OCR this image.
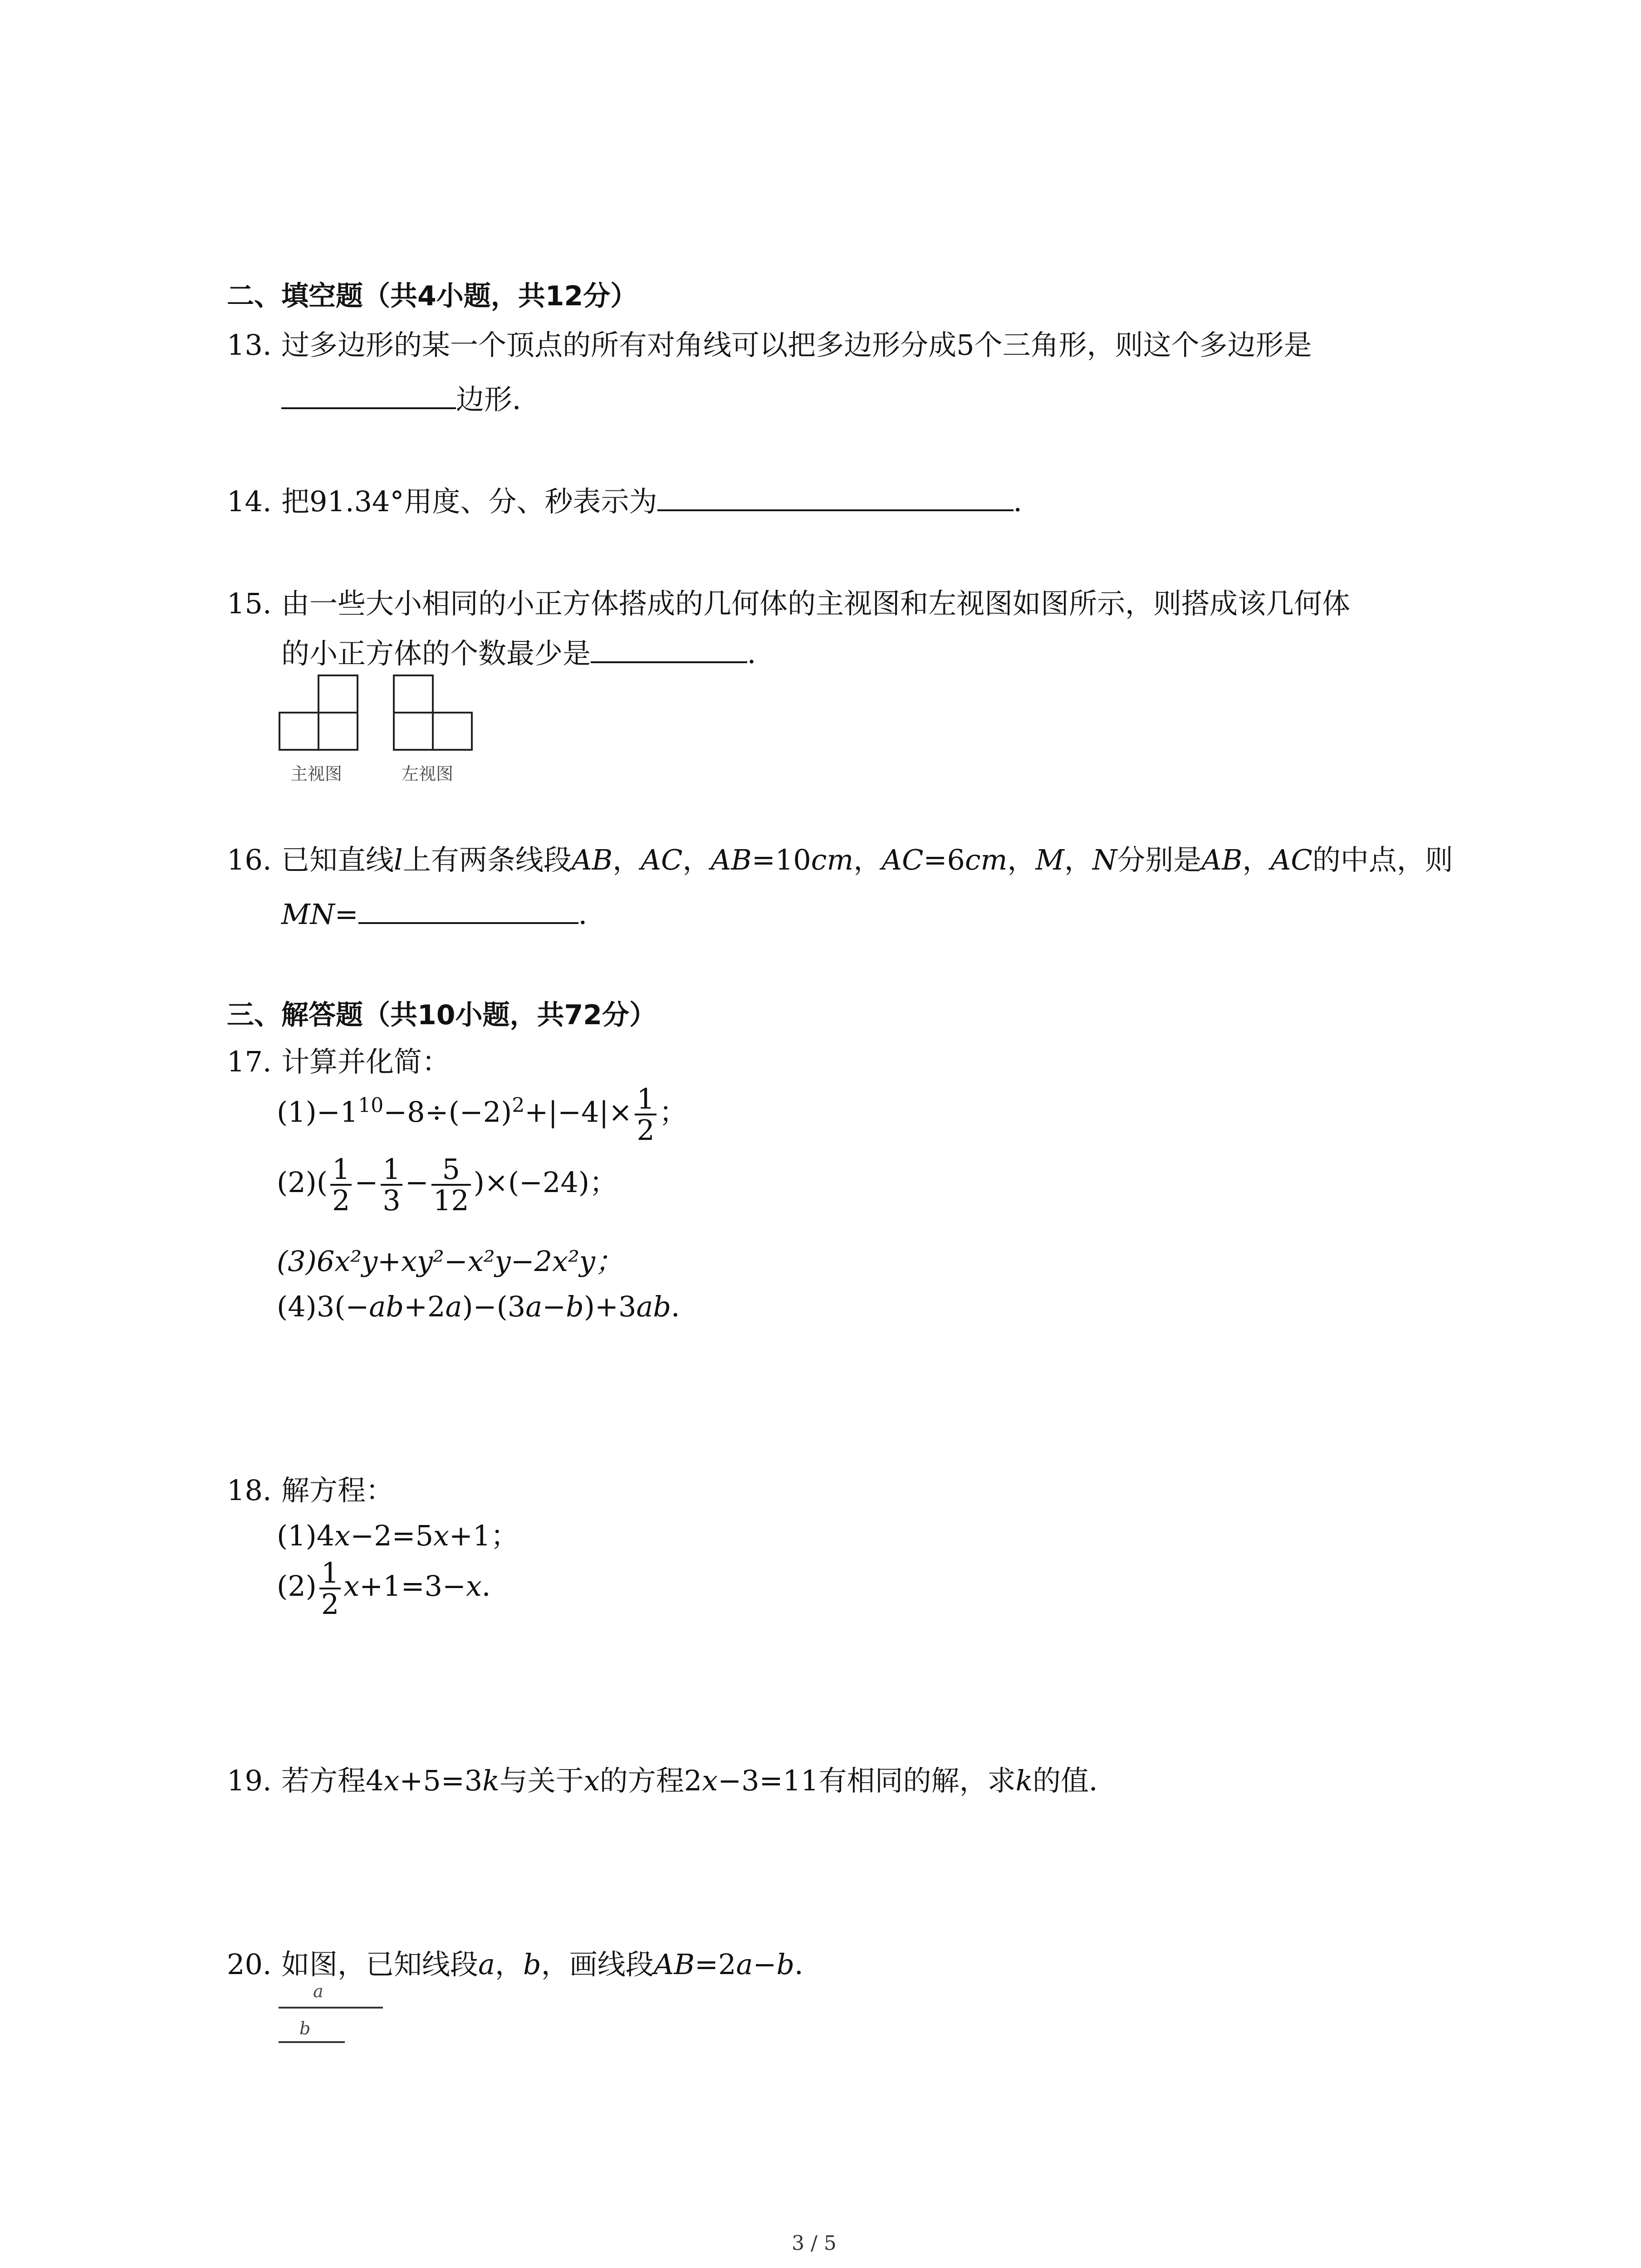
二、填空题（共4小题，共12分）
13. 过多边形的某一个顶点的所有对角线可以把多边形分成5个三角形，则这个多边形是
边形．
14. 把91.34°用度、分、秒表示为	．
15. 由一些大小相同的小正方体搭成的几何体的主视图和左视图如图所示，则搭成该几何体
的小正方体的个数最少是	．
主视图	左视图
16. 已知直线l上有两条线段AB，AC，AB=10cm，AC=6cm，M，N分别是AB，AC的中点，则
MN=	．
三、解答题（共10小题，共72分）
17. 计算并化简：
$(1)-1^{10}-8\div(-2)^2+|-4|\times \frac{1}{2}$ ；
$(2)( \frac{1}{2} - \frac{1}{3} - \frac{5}{12} )\times(-24)$；
(3)6x²y+xy²−x²y−2x²y；
(4)3(−ab+2a)−(3a−b)+3ab．
18. 解方程：
(1)4x−2=5x+1；
$(2) \frac{1}{2} x+1=3-x$．
19. 若方程4x+5=3k与关于x的方程2x−3=11有相同的解，求k的值．
20. 如图，已知线段a，b，画线段AB=2a−b．
a
b
3 / 5
